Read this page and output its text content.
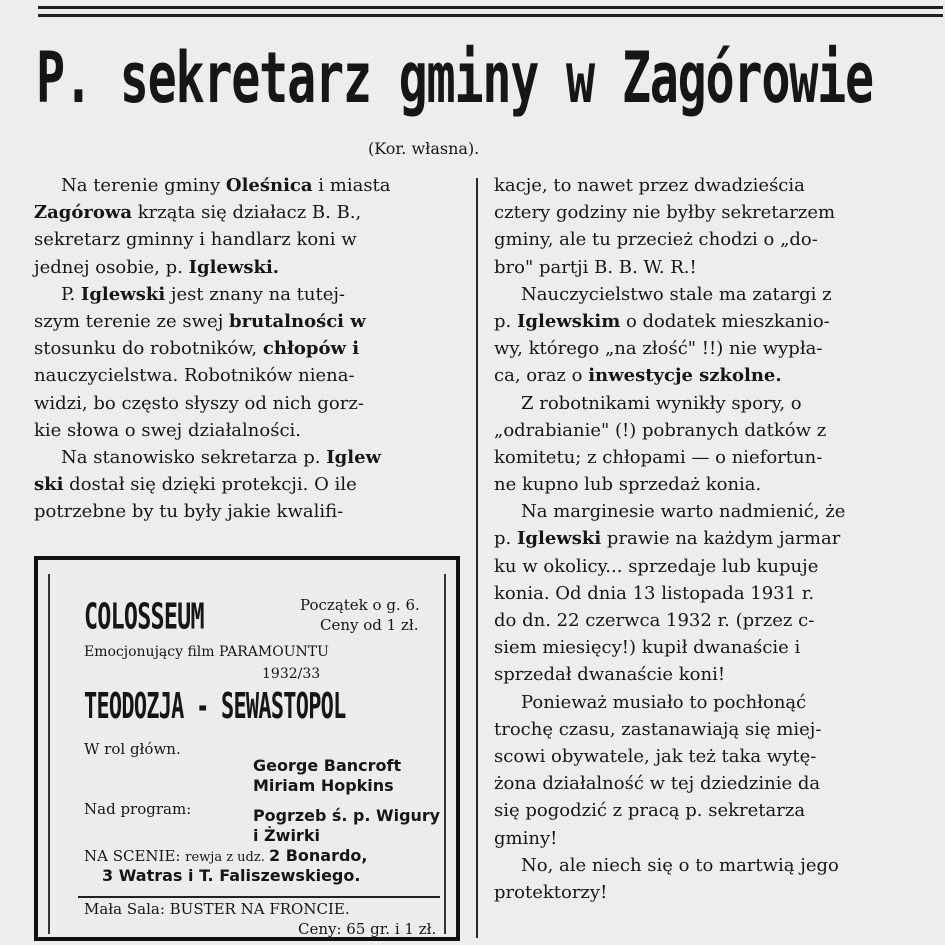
P. sekretarz gminy w Zagórowie
(Kor. własna).
  Na terenie gminy Oleśnica i miasta
Zagórowa krząta się działacz B. B.,
sekretarz gminny i handlarz koni w
jednej osobie, p. Iglewski.
  P. Iglewski jest znany na tutej-
szym terenie ze swej brutalności w
stosunku do robotników, chłopów i
nauczycielstwa. Robotników niena-
widzi, bo często słyszy od nich gorz-
kie słowa o swej działalności.
  Na stanowisko sekretarza p. Iglew
ski dostał się dzięki protekcji. O ile
potrzebne by tu były jakie kwalifi-
kacje, to nawet przez dwadzieścia
cztery godziny nie byłby sekretarzem
gminy, ale tu przecież chodzi o „do-
bro" partji B. B. W. R.!
  Nauczycielstwo stale ma zatargi z
p. Iglewskim o dodatek mieszkanio-
wy, którego „na złość" !!) nie wypła-
ca, oraz o inwestycje szkolne.
  Z robotnikami wynikły spory, o
„odrabianie" (!) pobranych datków z
komitetu; z chłopami — o niefortun-
ne kupno lub sprzedaż konia.
  Na marginesie warto nadmienić, że
p. Iglewski prawie na każdym jarmar
ku w okolicy... sprzedaje lub kupuje
konia. Od dnia 13 listopada 1931 r.
do dn. 22 czerwca 1932 r. (przez c-
siem miesięcy!) kupił dwanaście i
sprzedał dwanaście koni!
  Ponieważ musiało to pochłonąć
trochę czasu, zastanawiają się miej-
scowi obywatele, jak też taka wytę-
żona działalność w tej dziedzinie da
się pogodzić z pracą p. sekretarza
gminy!
  No, ale niech się o to martwią jego
protektorzy!
COLOSSEUM	Początek o g. 6.
Ceny od 1 zł.
Emocjonujący film PARAMOUNTU
1932/33
TEODOZJA - SEWASTOPOL
W rol główn.
George Bancroft
Miriam Hopkins
Nad program:	Pogrzeb ś. p. Wigury
i Żwirki
NA SCENIE: rewja z udz. 2 Bonardo,
3 Watras i T. Faliszewskiego.
Mała Sala: BUSTER NA FRONCIE.
Ceny: 65 gr. i 1 zł.
